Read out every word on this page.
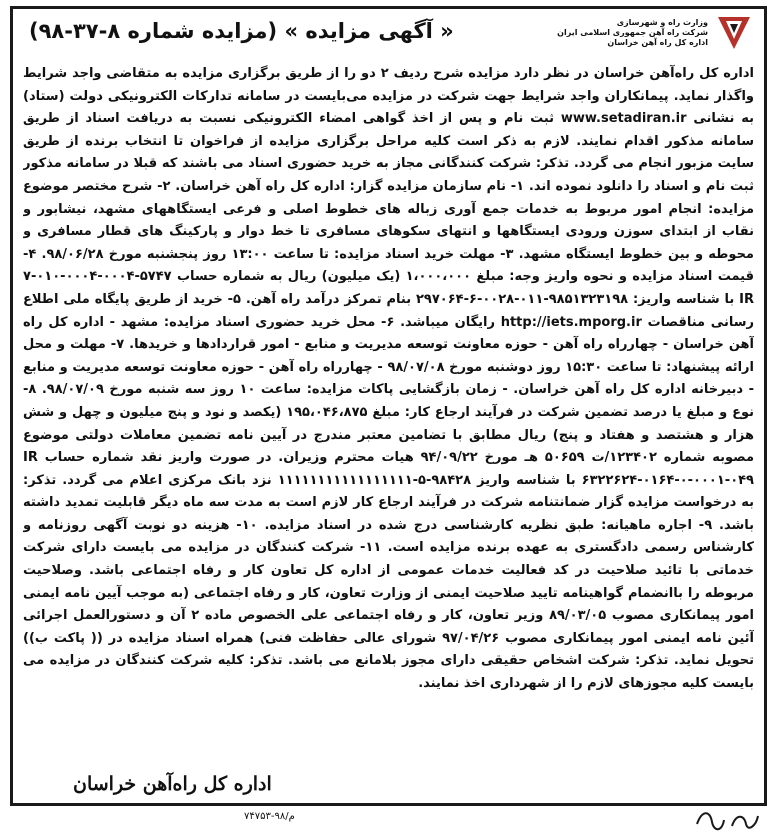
وزارت راه و شهرسازی
شرکت راه آهن جمهوری اسلامی ایران
اداره کل راه آهن خراسان
« آگهی مزایده » (مزایده شماره ۸-۳۷-۹۸)
اداره کل راه‌آهن خراسان در نظر دارد مزایده شرح ردیف ۲ دو را از طریق برگزاری مزایده به متقاضی واجد شرایط واگذار نماید. پیمانکاران واجد شرایط جهت شرکت در مزایده می‌بایست در سامانه تدارکات الکترونیکی دولت (ستاد) به نشانی www.setadiran.ir ثبت نام و پس از اخذ گواهی امضاء الکترونیکی نسبت به دریافت اسناد از طریق سامانه مذکور اقدام نمایند. لازم به ذکر است کلیه مراحل برگزاری مزایده از فراخوان تا انتخاب برنده از طریق سایت مزبور انجام می گردد. تذکر: شرکت کنندگانی مجاز به خرید حضوری اسناد می باشند که قبلا در سامانه مذکور ثبت نام و اسناد را دانلود نموده اند. ۱- نام سازمان مزایده گزار: اداره کل راه آهن خراسان. ۲- شرح مختصر موضوع مزایده: انجام امور مربوط به خدمات جمع آوری زباله های خطوط اصلی و فرعی ایستگاههای مشهد، نیشابور و نقاب از ابتدای سوزن ورودی ایستگاهها و انتهای سکوهای مسافری تا خط دوار و پارکینگ های قطار مسافری و محوطه و بین خطوط ایستگاه مشهد. ۳- مهلت خرید اسناد مزایده: تا ساعت ۱۳:۰۰ روز پنجشنبه مورخ ۹۸/۰۶/۲۸. ۴- قیمت اسناد مزایده و نحوه واریز وجه: مبلغ ۱،۰۰۰،۰۰۰ (یک میلیون) ریال به شماره حساب ۵۷۴۷-۰۰۰۴-۰۰۰۴-۰۱۰-۷ IR با شناسه واریز: ۹۸۵۱۳۲۳۱۹۸-۰۱۱-۰۰۲۸-۶-۲۹۷۰۶۴ بنام تمرکز درآمد راه آهن. ۵- خرید از طریق پایگاه ملی اطلاع رسانی مناقصات http://iets.mporg.ir رایگان میباشد. ۶- محل خرید حضوری اسناد مزایده: مشهد - اداره کل راه آهن خراسان - چهارراه راه آهن - حوزه معاونت توسعه مدیریت و منابع - امور قراردادها و خریدها. ۷- مهلت و محل ارائه پیشنهاد: تا ساعت ۱۵:۳۰ روز دوشنبه مورخ ۹۸/۰۷/۰۸ - چهارراه راه آهن - حوزه معاونت توسعه مدیریت و منابع - دبیرخانه اداره کل راه آهن خراسان. - زمان بازگشایی پاکات مزایده: ساعت ۱۰ روز سه شنبه مورخ ۹۸/۰۷/۰۹. ۸- نوع و مبلغ یا درصد تضمین شرکت در فرآیند ارجاع کار: مبلغ ۱۹۵،۰۴۶،۸۷۵ (یکصد و نود و پنج میلیون و چهل و شش هزار و هشتصد و هفتاد و پنج) ریال مطابق با تضامین معتبر مندرج در آیین نامه تضمین معاملات دولتی موضوع مصوبه شماره ۱۲۳۴۰۲/ت ۵۰۶۵۹ هـ مورخ ۹۴/۰۹/۲۲ هیات محترم وزیران. در صورت واریز نقد شماره حساب IR ۶۳۲۲۶۲۴-۰۱۶۴-۰-۰۰۰۱-۰۴۹ با شناسه واریز ۹۸۴۲۸-۵-۱۱۱۱۱۱۱۱۱۱۱۱۱۱۱۱۱ نزد بانک مرکزی اعلام می گردد. تذکر: به درخواست مزایده گزار ضمانتنامه شرکت در فرآیند ارجاع کار لازم است به مدت سه ماه دیگر قابلیت تمدید داشته باشد. ۹- اجاره ماهیانه: طبق نظریه کارشناسی درج شده در اسناد مزایده. ۱۰- هزینه دو نوبت آگهی روزنامه و کارشناس رسمی دادگستری به عهده برنده مزایده است. ۱۱- شرکت کنندگان در مزایده می بایست دارای شرکت خدماتی با تائید صلاحیت در کد فعالیت خدمات عمومی از اداره کل تعاون کار و رفاه اجتماعی باشد. وصلاحیت مربوطه را باانضمام گواهینامه تایید صلاحیت ایمنی از وزارت تعاون، کار و رفاه اجتماعی (به موجب آیین نامه ایمنی امور پیمانکاری مصوب ۸۹/۰۳/۰۵ وزیر تعاون، کار و رفاه اجتماعی علی الخصوص ماده ۲ آن و دستورالعمل اجرائی آئین نامه ایمنی امور پیمانکاری مصوب ۹۷/۰۴/۲۶ شورای عالی حفاظت فنی) همراه اسناد مزایده در (( پاکت ب)) تحویل نماید. تذکر: شرکت اشخاص حقیقی دارای مجوز بلامانع می باشد. تذکر: کلیه شرکت کنندگان در مزایده می بایست کلیه مجوزهای لازم را از شهرداری اخذ نمایند.
اداره کل راه‌آهن خراسان
م/۹۸-۷۴۷۵۳
۶۹۲
